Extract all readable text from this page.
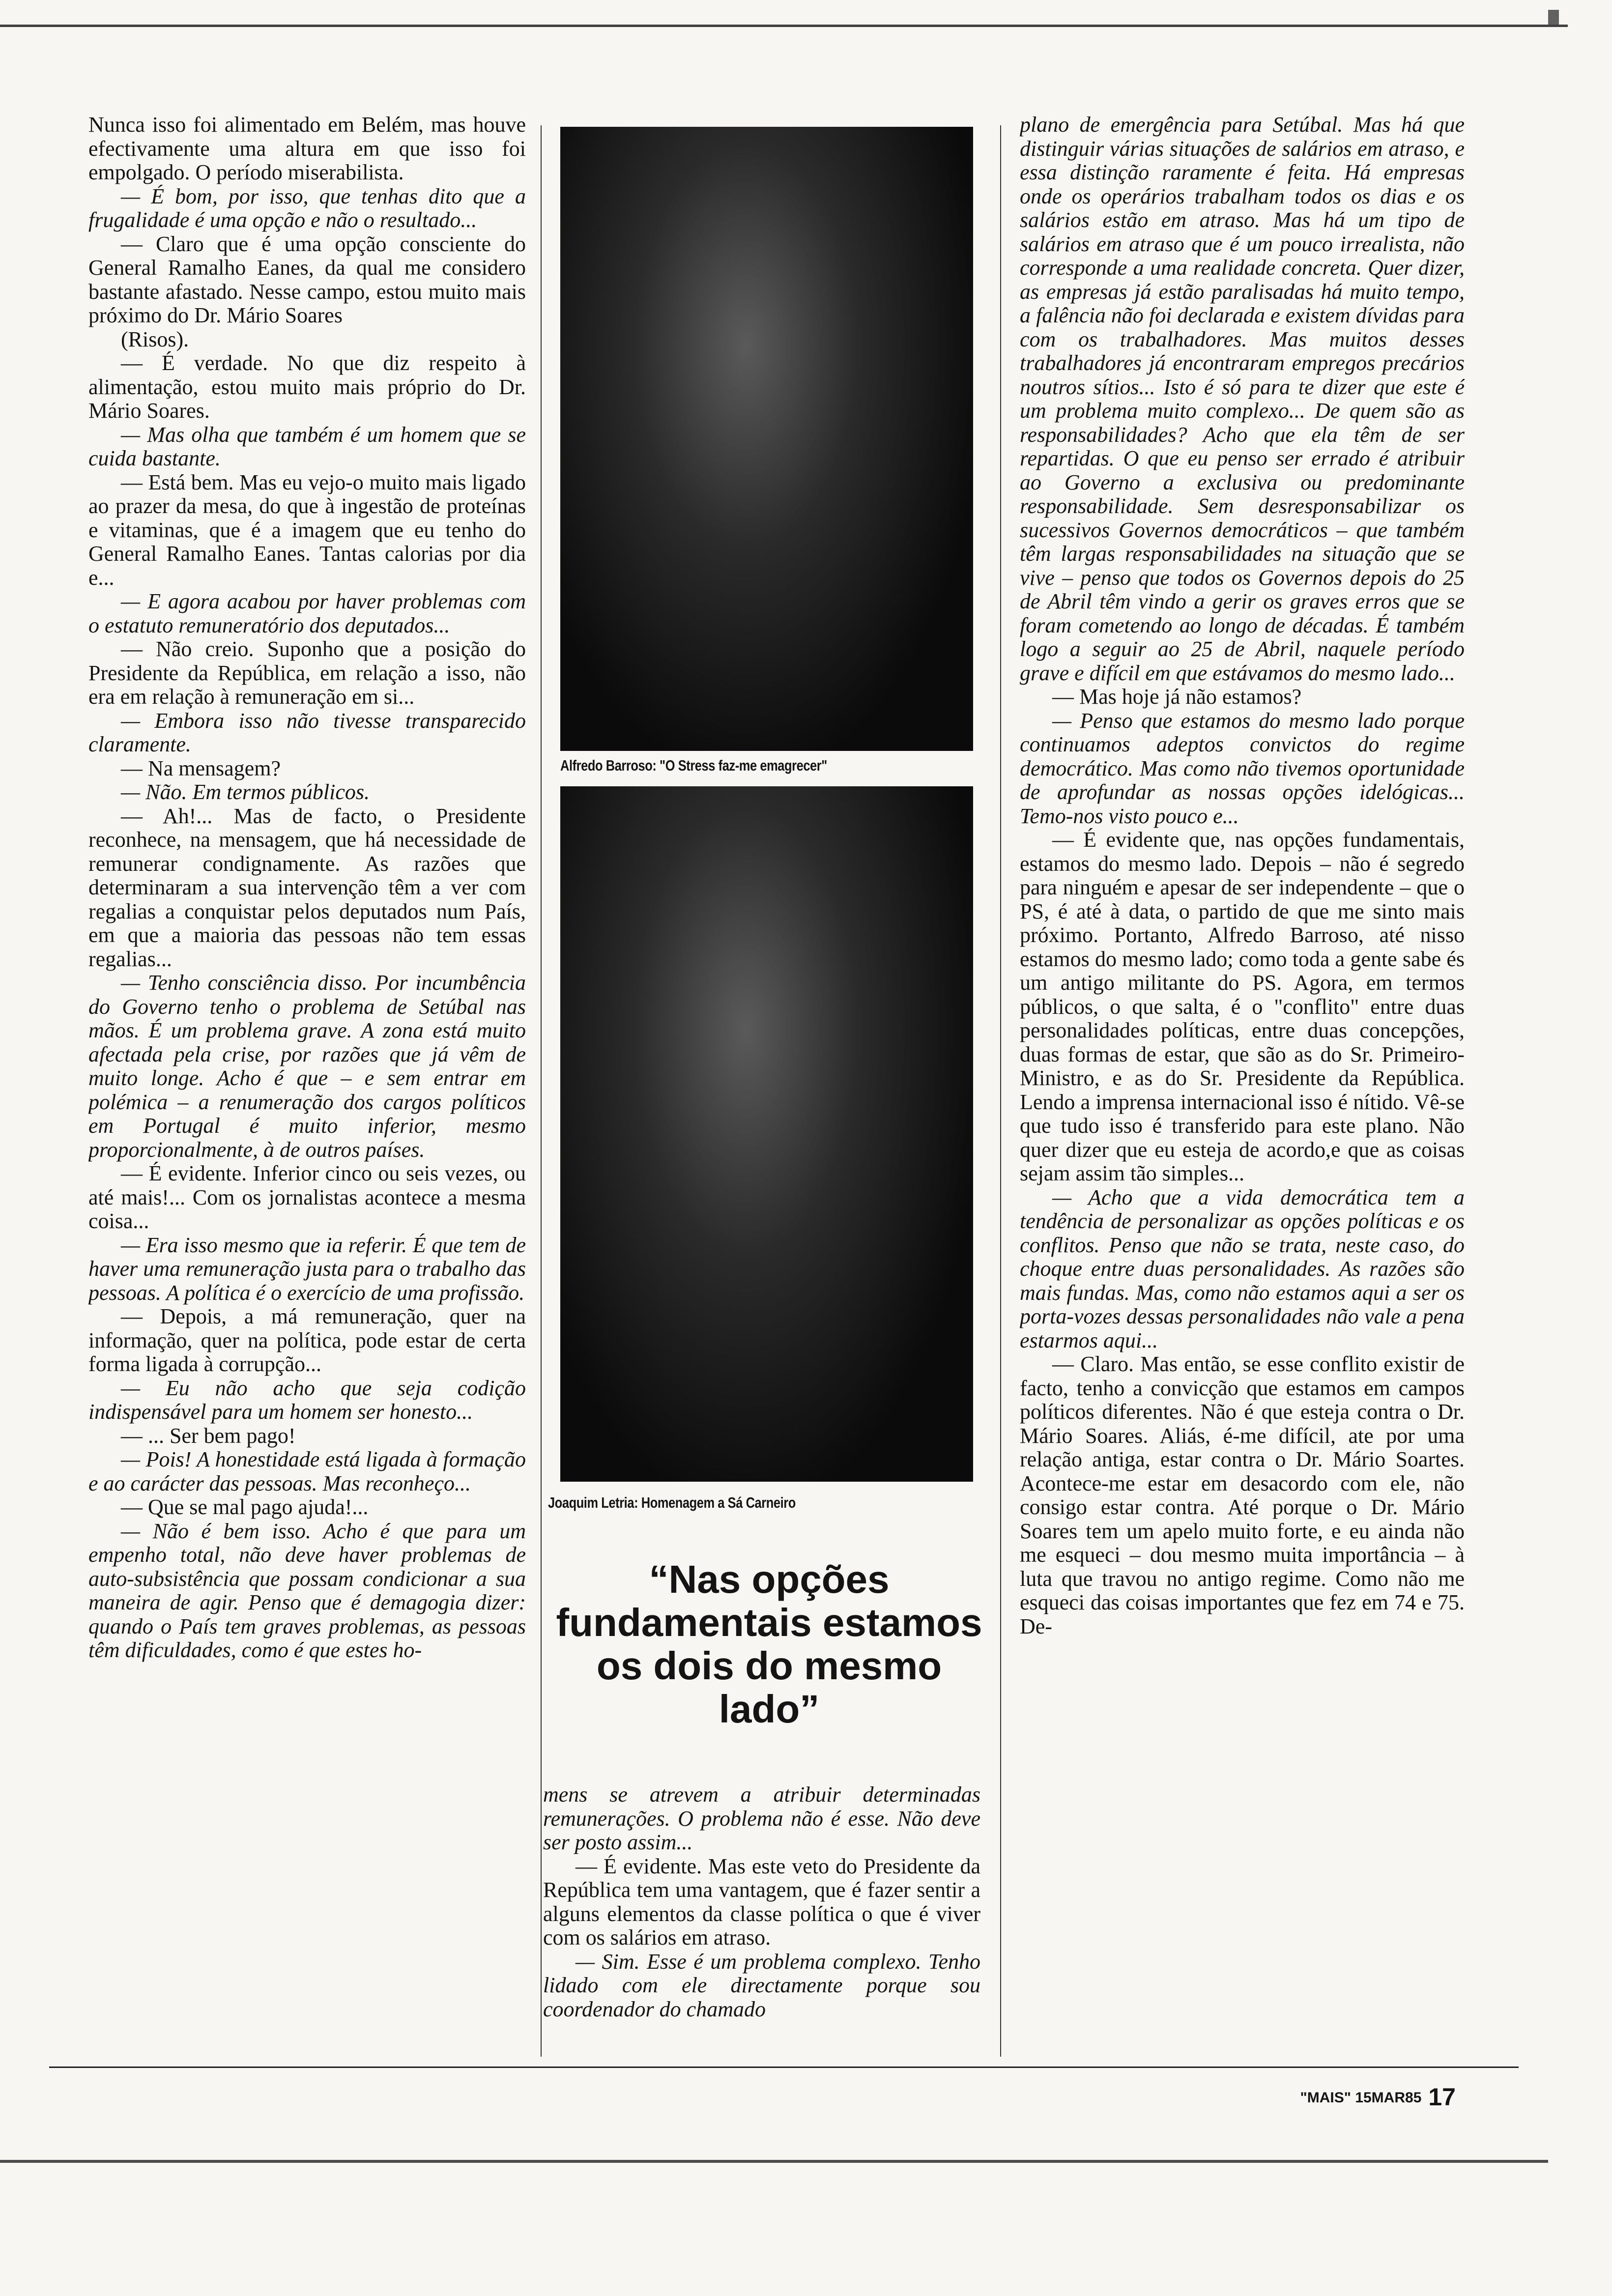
Nunca isso foi alimentado em Belém, mas houve efectivamente uma altura em que isso foi empolgado. O período miserabilista.

— É bom, por isso, que tenhas dito que a frugalidade é uma opção e não o resultado...

— Claro que é uma opção consciente do General Ramalho Eanes, da qual me considero bastante afastado. Nesse campo, estou muito mais próximo do Dr. Mário Soares

(Risos).

— É verdade. No que diz respeito à alimentação, estou muito mais próprio do Dr. Mário Soares.

— Mas olha que também é um homem que se cuida bastante.

— Está bem. Mas eu vejo-o muito mais ligado ao prazer da mesa, do que à ingestão de proteínas e vitaminas, que é a imagem que eu tenho do General Ramalho Eanes. Tantas calorias por dia e...

— E agora acabou por haver problemas com o estatuto remuneratório dos deputados...

— Não creio. Suponho que a posição do Presidente da República, em relação a isso, não era em relação à remuneração em si...

— Embora isso não tivesse transparecido claramente.

— Na mensagem?

— Não. Em termos públicos.

— Ah!... Mas de facto, o Presidente reconhece, na mensagem, que há necessidade de remunerar condignamente. As razões que determinaram a sua intervenção têm a ver com regalias a conquistar pelos deputados num País, em que a maioria das pessoas não tem essas regalias...

— Tenho consciência disso. Por incumbência do Governo tenho o problema de Setúbal nas mãos. É um problema grave. A zona está muito afectada pela crise, por razões que já vêm de muito longe. Acho é que – e sem entrar em polémica – a renumeração dos cargos políticos em Portugal é muito inferior, mesmo proporcionalmente, à de outros países.

— É evidente. Inferior cinco ou seis vezes, ou até mais!... Com os jornalistas acontece a mesma coisa...

— Era isso mesmo que ia referir. É que tem de haver uma remuneração justa para o trabalho das pessoas. A política é o exercício de uma profissão.

— Depois, a má remuneração, quer na informação, quer na política, pode estar de certa forma ligada à corrupção...

— Eu não acho que seja codição indispensável para um homem ser honesto...

— ... Ser bem pago!

— Pois! A honestidade está ligada à formação e ao carácter das pessoas. Mas reconheço...

— Que se mal pago ajuda!...

— Não é bem isso. Acho é que para um empenho total, não deve haver problemas de auto-subsistência que possam condicionar a sua maneira de agir. Penso que é demagogia dizer: quando o País tem graves problemas, as pessoas têm dificuldades, como é que estes ho-

Alfredo Barroso: "O Stress faz-me emagrecer"
Joaquim Letria: Homenagem a Sá Carneiro
“Nas opções fundamentais estamos os dois do mesmo lado”

mens se atrevem a atribuir determinadas remunerações. O problema não é esse. Não deve ser posto assim...

— É evidente. Mas este veto do Presidente da República tem uma vantagem, que é fazer sentir a alguns elementos da classe política o que é viver com os salários em atraso.

— Sim. Esse é um problema complexo. Tenho lidado com ele directamente porque sou coordenador do chamado

plano de emergência para Setúbal. Mas há que distinguir várias situações de salários em atraso, e essa distinção raramente é feita. Há empresas onde os operários trabalham todos os dias e os salários estão em atraso. Mas há um tipo de salários em atraso que é um pouco irrealista, não corresponde a uma realidade concreta. Quer dizer, as empresas já estão paralisadas há muito tempo, a falência não foi declarada e existem dívidas para com os trabalhadores. Mas muitos desses trabalhadores já encontraram empregos precários noutros sítios... Isto é só para te dizer que este é um problema muito complexo... De quem são as responsabilidades? Acho que ela têm de ser repartidas. O que eu penso ser errado é atribuir ao Governo a exclusiva ou predominante responsabilidade. Sem desresponsabilizar os sucessivos Governos democráticos – que também têm largas responsabilidades na situação que se vive – penso que todos os Governos depois do 25 de Abril têm vindo a gerir os graves erros que se foram cometendo ao longo de décadas. É também logo a seguir ao 25 de Abril, naquele período grave e difícil em que estávamos do mesmo lado...

— Mas hoje já não estamos?

— Penso que estamos do mesmo lado porque continuamos adeptos convictos do regime democrático. Mas como não tivemos oportunidade de aprofundar as nossas opções idelógicas... Temo-nos visto pouco e...

— É evidente que, nas opções fundamentais, estamos do mesmo lado. Depois – não é segredo para ninguém e apesar de ser independente – que o PS, é até à data, o partido de que me sinto mais próximo. Portanto, Alfredo Barroso, até nisso estamos do mesmo lado; como toda a gente sabe és um antigo militante do PS. Agora, em termos públicos, o que salta, é o "conflito" entre duas personalidades políticas, entre duas concepções, duas formas de estar, que são as do Sr. Primeiro-Ministro, e as do Sr. Presidente da República. Lendo a imprensa internacional isso é nítido. Vê-se que tudo isso é transferido para este plano. Não quer dizer que eu esteja de acordo,e que as coisas sejam assim tão simples...

— Acho que a vida democrática tem a tendência de personalizar as opções políticas e os conflitos. Penso que não se trata, neste caso, do choque entre duas personalidades. As razões são mais fundas. Mas, como não estamos aqui a ser os porta-vozes dessas personalidades não vale a pena estarmos aqui...

— Claro. Mas então, se esse conflito existir de facto, tenho a convicção que estamos em campos políticos diferentes. Não é que esteja contra o Dr. Mário Soares. Aliás, é-me difícil, ate por uma relação antiga, estar contra o Dr. Mário Soartes. Acontece-me estar em desacordo com ele, não consigo estar contra. Até porque o Dr. Mário Soares tem um apelo muito forte, e eu ainda não me esqueci – dou mesmo muita importância – à luta que travou no antigo regime. Como não me esqueci das coisas importantes que fez em 74 e 75. De-

"MAIS" 15MAR85 17
